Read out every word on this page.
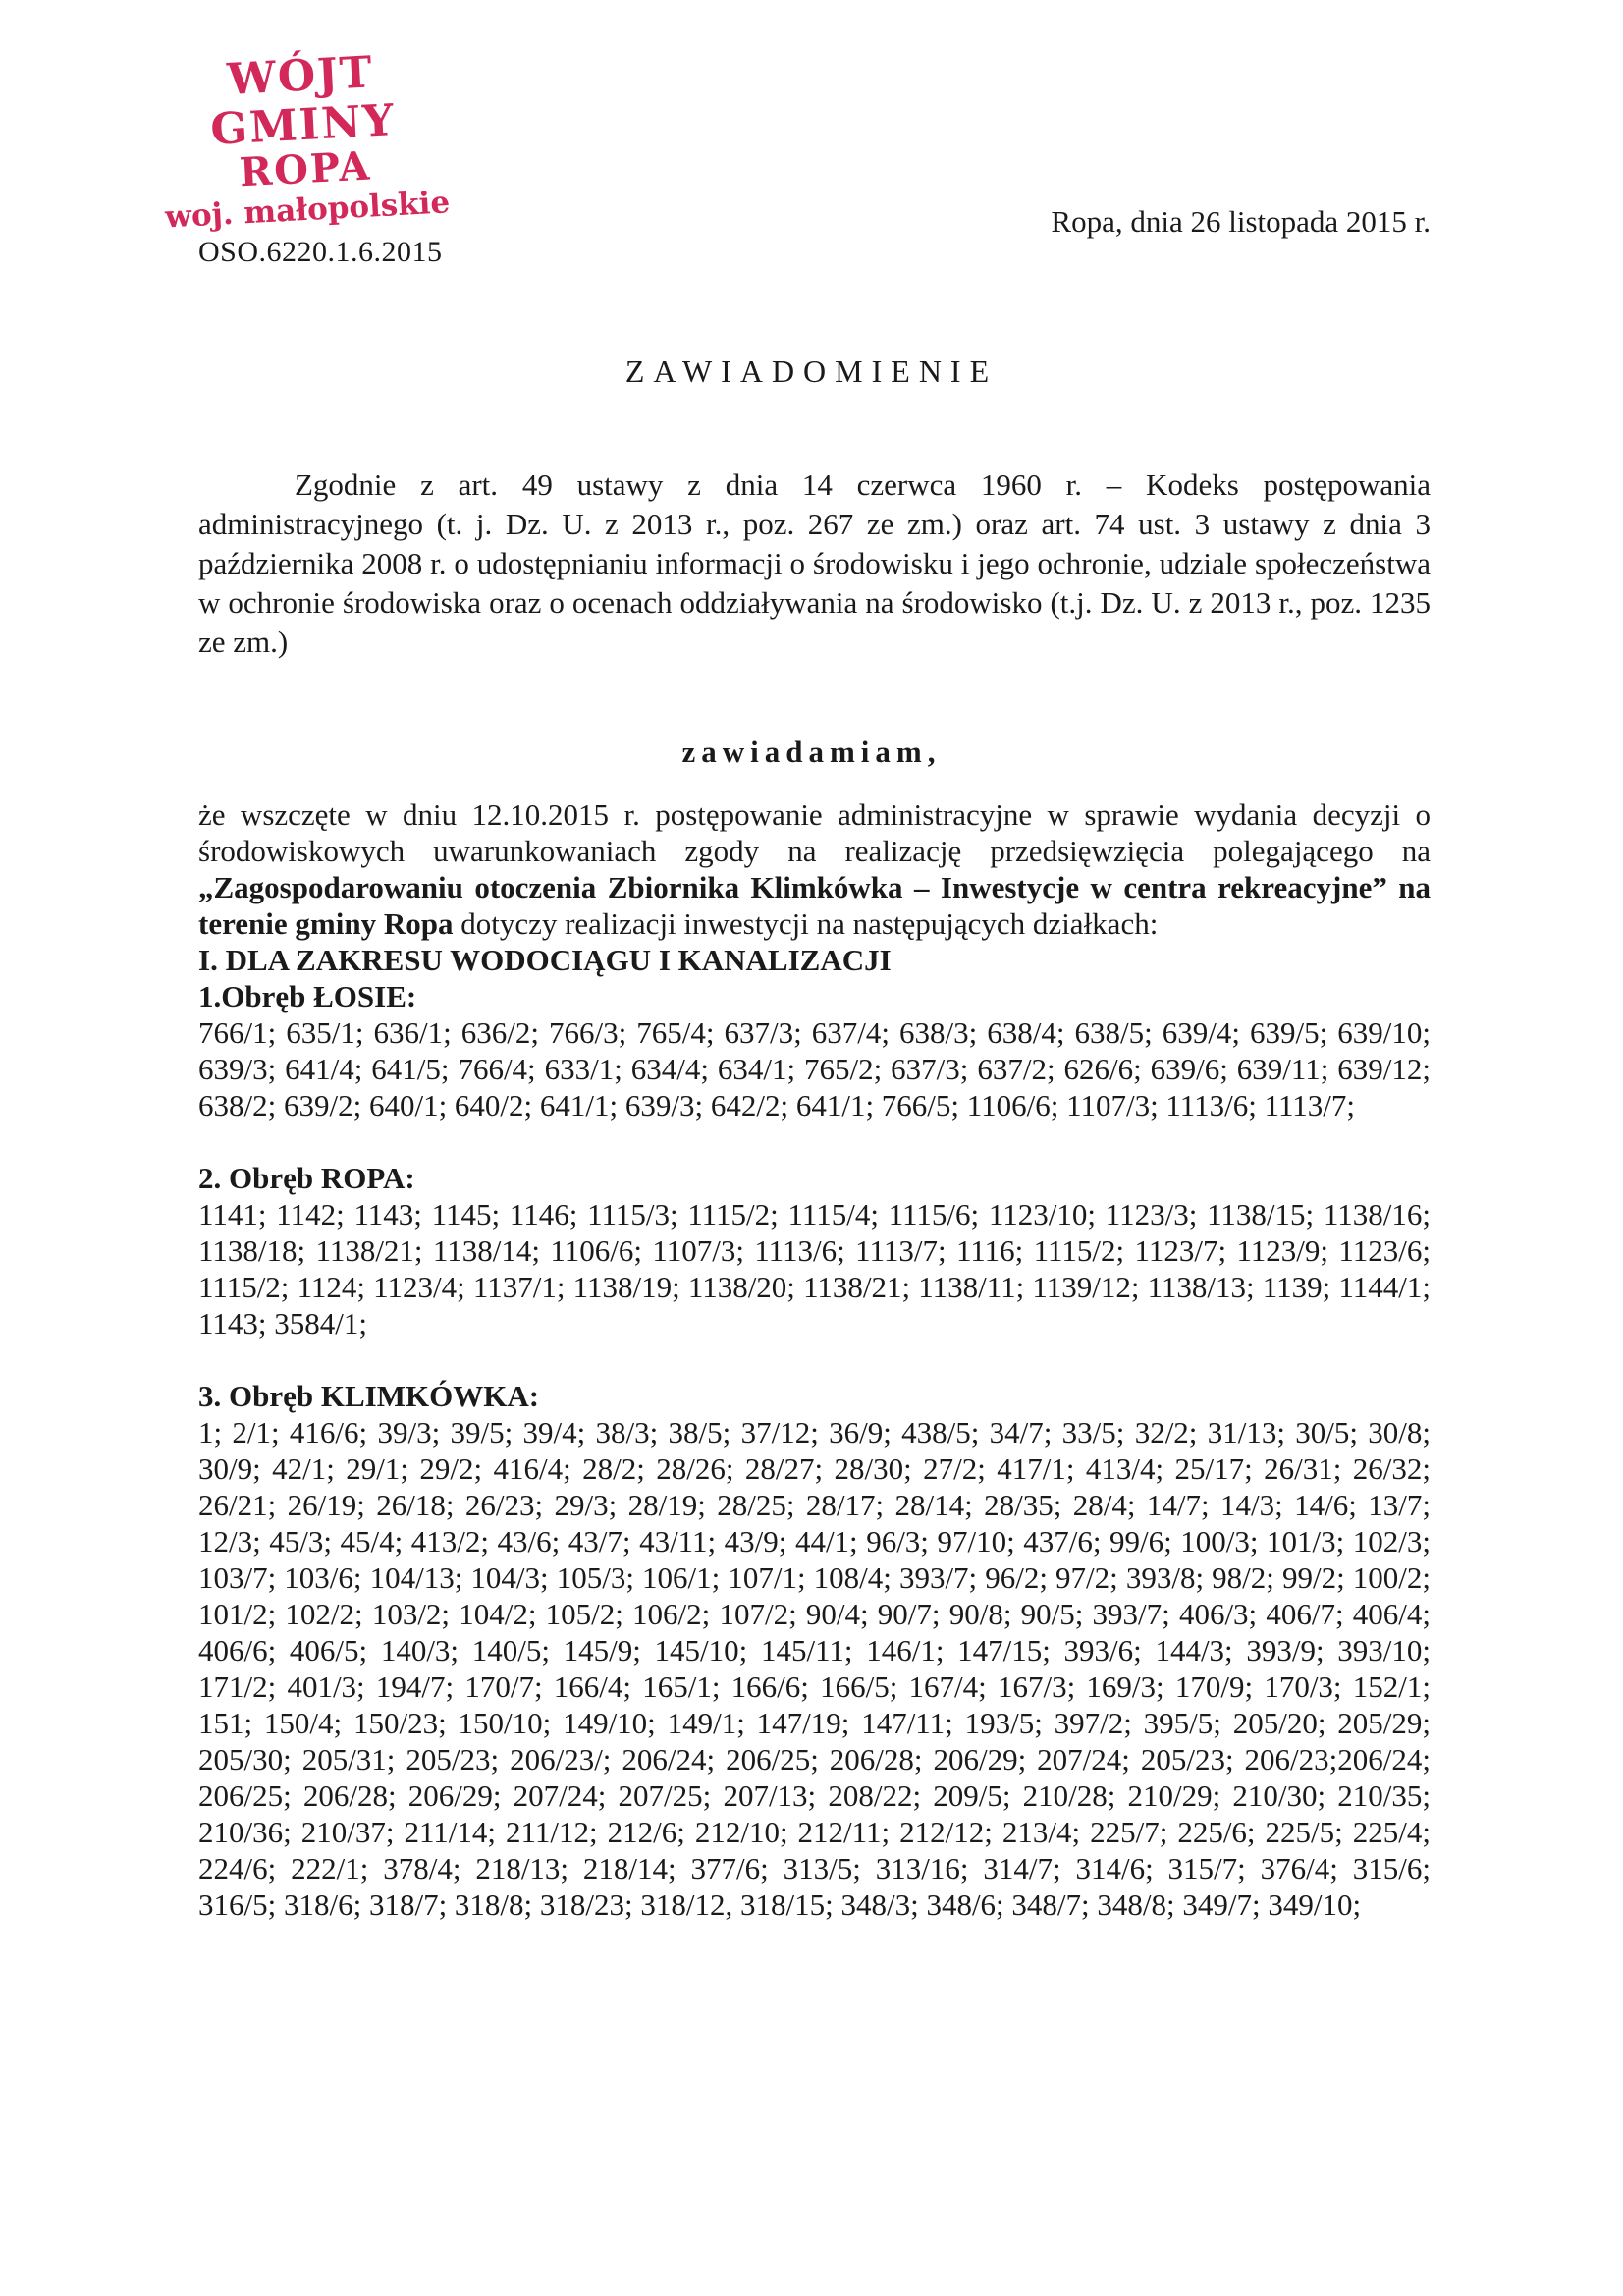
WÓJT GMINY
ROPA
woj. małopolskie	Ropa, dnia 26 listopada 2015 r.
OSO.6220.1.6.2015
ZAWIADOMIENIE

Zgodnie z art. 49 ustawy z dnia 14 czerwca 1960 r. – Kodeks postępowania administracyjnego (t. j. Dz. U. z 2013 r., poz. 267 ze zm.) oraz art. 74 ust. 3 ustawy z dnia 3 października 2008 r. o udostępnianiu informacji o środowisku i jego ochronie, udziale społeczeństwa w ochronie środowiska oraz o ocenach oddziaływania na środowisko (t.j. Dz. U. z 2013 r., poz. 1235 ze zm.)

zawiadamiam,

że wszczęte w dniu 12.10.2015 r. postępowanie administracyjne w sprawie wydania decyzji o środowiskowych uwarunkowaniach zgody na realizację przedsięwzięcia polegającego na „Zagospodarowaniu otoczenia Zbiornika Klimkówka – Inwestycje w centra rekreacyjne” na terenie gminy Ropa dotyczy realizacji inwestycji na następujących działkach:

I. DLA ZAKRESU WODOCIĄGU I KANALIZACJI
1.Obręb ŁOSIE:

766/1; 635/1; 636/1; 636/2; 766/3; 765/4; 637/3; 637/4; 638/3; 638/4; 638/5; 639/4; 639/5; 639/10; 639/3; 641/4; 641/5; 766/4; 633/1; 634/4; 634/1; 765/2; 637/3; 637/2; 626/6; 639/6; 639/11; 639/12; 638/2; 639/2; 640/1; 640/2; 641/1; 639/3; 642/2; 641/1; 766/5; 1106/6; 1107/3; 1113/6; 1113/7;

2. Obręb ROPA:

1141; 1142; 1143; 1145; 1146; 1115/3; 1115/2; 1115/4; 1115/6; 1123/10; 1123/3; 1138/15; 1138/16; 1138/18; 1138/21; 1138/14; 1106/6; 1107/3; 1113/6; 1113/7; 1116; 1115/2; 1123/7; 1123/9; 1123/6; 1115/2; 1124; 1123/4; 1137/1; 1138/19; 1138/20; 1138/21; 1138/11; 1139/12; 1138/13; 1139; 1144/1; 1143; 3584/1;

3. Obręb KLIMKÓWKA:

1; 2/1; 416/6; 39/3; 39/5; 39/4; 38/3; 38/5; 37/12; 36/9; 438/5; 34/7; 33/5; 32/2; 31/13; 30/5; 30/8; 30/9; 42/1; 29/1; 29/2; 416/4; 28/2; 28/26; 28/27; 28/30; 27/2; 417/1; 413/4; 25/17; 26/31; 26/32; 26/21; 26/19; 26/18; 26/23; 29/3; 28/19; 28/25; 28/17; 28/14; 28/35; 28/4; 14/7; 14/3; 14/6; 13/7; 12/3; 45/3; 45/4; 413/2; 43/6; 43/7; 43/11; 43/9; 44/1; 96/3; 97/10; 437/6; 99/6; 100/3; 101/3; 102/3; 103/7; 103/6; 104/13; 104/3; 105/3; 106/1; 107/1; 108/4; 393/7; 96/2; 97/2; 393/8; 98/2; 99/2; 100/2; 101/2; 102/2; 103/2; 104/2; 105/2; 106/2; 107/2; 90/4; 90/7; 90/8; 90/5; 393/7; 406/3; 406/7; 406/4; 406/6; 406/5; 140/3; 140/5; 145/9; 145/10; 145/11; 146/1; 147/15; 393/6; 144/3; 393/9; 393/10; 171/2; 401/3; 194/7; 170/7; 166/4; 165/1; 166/6; 166/5; 167/4; 167/3; 169/3; 170/9; 170/3; 152/1; 151; 150/4; 150/23; 150/10; 149/10; 149/1; 147/19; 147/11; 193/5; 397/2; 395/5; 205/20; 205/29; 205/30; 205/31; 205/23; 206/23/; 206/24; 206/25; 206/28; 206/29; 207/24; 205/23; 206/23;206/24; 206/25; 206/28; 206/29; 207/24; 207/25; 207/13; 208/22; 209/5; 210/28; 210/29; 210/30; 210/35; 210/36; 210/37; 211/14; 211/12; 212/6; 212/10; 212/11; 212/12; 213/4; 225/7; 225/6; 225/5; 225/4; 224/6; 222/1; 378/4; 218/13; 218/14; 377/6; 313/5; 313/16; 314/7; 314/6; 315/7; 376/4; 315/6; 316/5; 318/6; 318/7; 318/8; 318/23; 318/12, 318/15; 348/3; 348/6; 348/7; 348/8; 349/7; 349/10;
